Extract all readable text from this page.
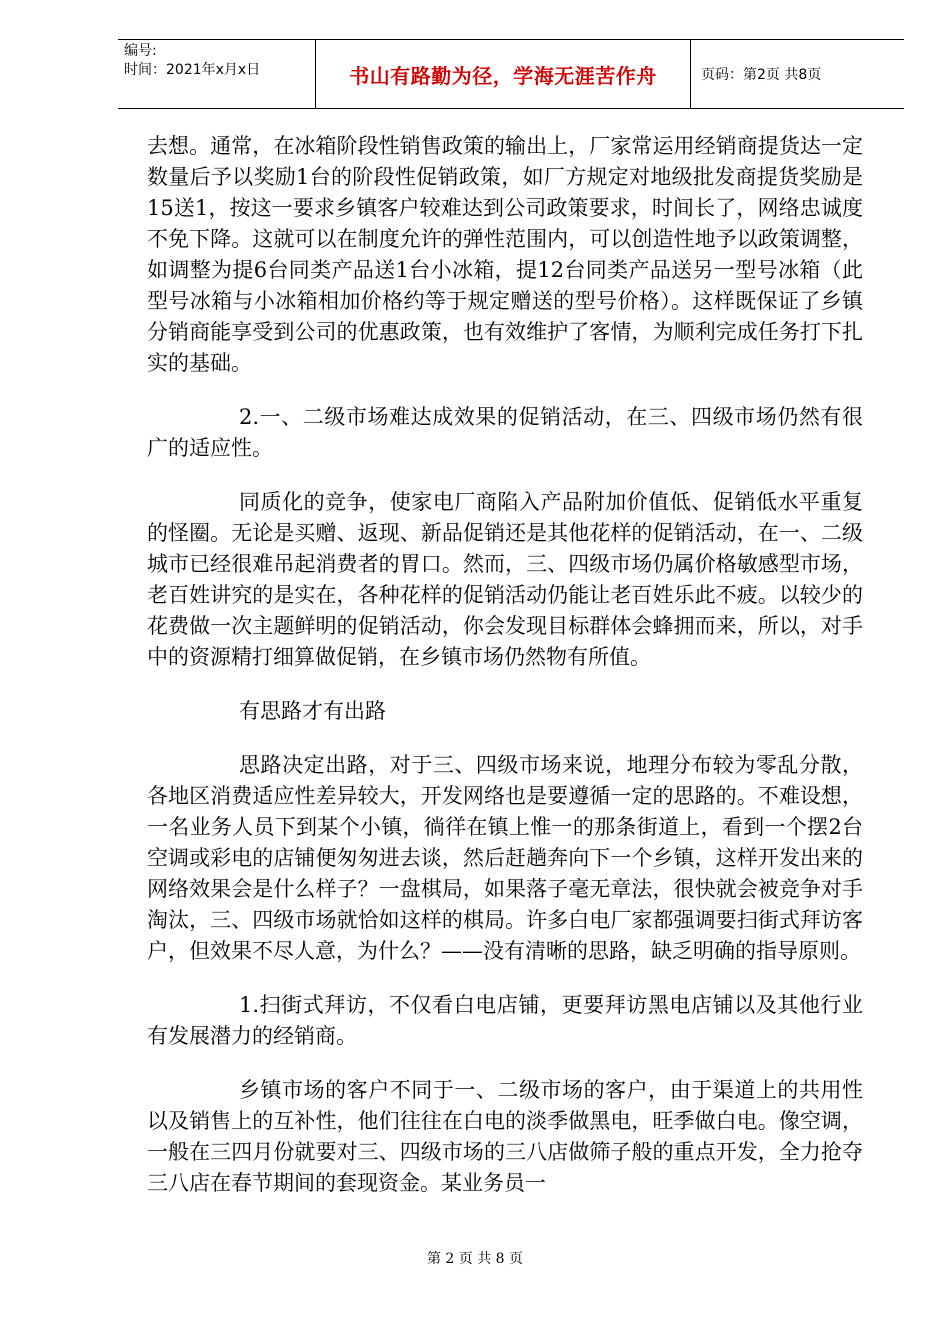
编号:
时间：2021年x月x日	书山有路勤为径，学海无涯苦作舟	页码：第2页 共8页

去想。通常，在冰箱阶段性销售政策的输出上，厂家常运用经销商提货达一定数量后予以奖励1台的阶段性促销政策，如厂方规定对地级批发商提货奖励是15送1，按这一要求乡镇客户较难达到公司政策要求，时间长了，网络忠诚度不免下降。这就可以在制度允许的弹性范围内，可以创造性地予以政策调整，如调整为提6台同类产品送1台小冰箱，提12台同类产品送另一型号冰箱（此型号冰箱与小冰箱相加价格约等于规定赠送的型号价格）。这样既保证了乡镇分销商能享受到公司的优惠政策，也有效维护了客情，为顺利完成任务打下扎实的基础。

2.一、二级市场难达成效果的促销活动，在三、四级市场仍然有很广的适应性。

同质化的竞争，使家电厂商陷入产品附加价值低、促销低水平重复的怪圈。无论是买赠、返现、新品促销还是其他花样的促销活动，在一、二级城市已经很难吊起消费者的胃口。然而，三、四级市场仍属价格敏感型市场，老百姓讲究的是实在，各种花样的促销活动仍能让老百姓乐此不疲。以较少的花费做一次主题鲜明的促销活动，你会发现目标群体会蜂拥而来，所以，对手中的资源精打细算做促销，在乡镇市场仍然物有所值。

有思路才有出路

思路决定出路，对于三、四级市场来说，地理分布较为零乱分散，各地区消费适应性差异较大，开发网络也是要遵循一定的思路的。不难设想，一名业务人员下到某个小镇，徜徉在镇上惟一的那条街道上，看到一个摆2台空调或彩电的店铺便匆匆进去谈，然后赶趟奔向下一个乡镇，这样开发出来的网络效果会是什么样子？一盘棋局，如果落子毫无章法，很快就会被竞争对手淘汰，三、四级市场就恰如这样的棋局。许多白电厂家都强调要扫街式拜访客户，但效果不尽人意，为什么？——没有清晰的思路，缺乏明确的指导原则。

1.扫街式拜访，不仅看白电店铺，更要拜访黑电店铺以及其他行业有发展潜力的经销商。

乡镇市场的客户不同于一、二级市场的客户，由于渠道上的共用性以及销售上的互补性，他们往往在白电的淡季做黑电，旺季做白电。像空调，一般在三四月份就要对三、四级市场的三八店做筛子般的重点开发，全力抢夺三八店在春节期间的套现资金。某业务员一

第 2 页 共 8 页
